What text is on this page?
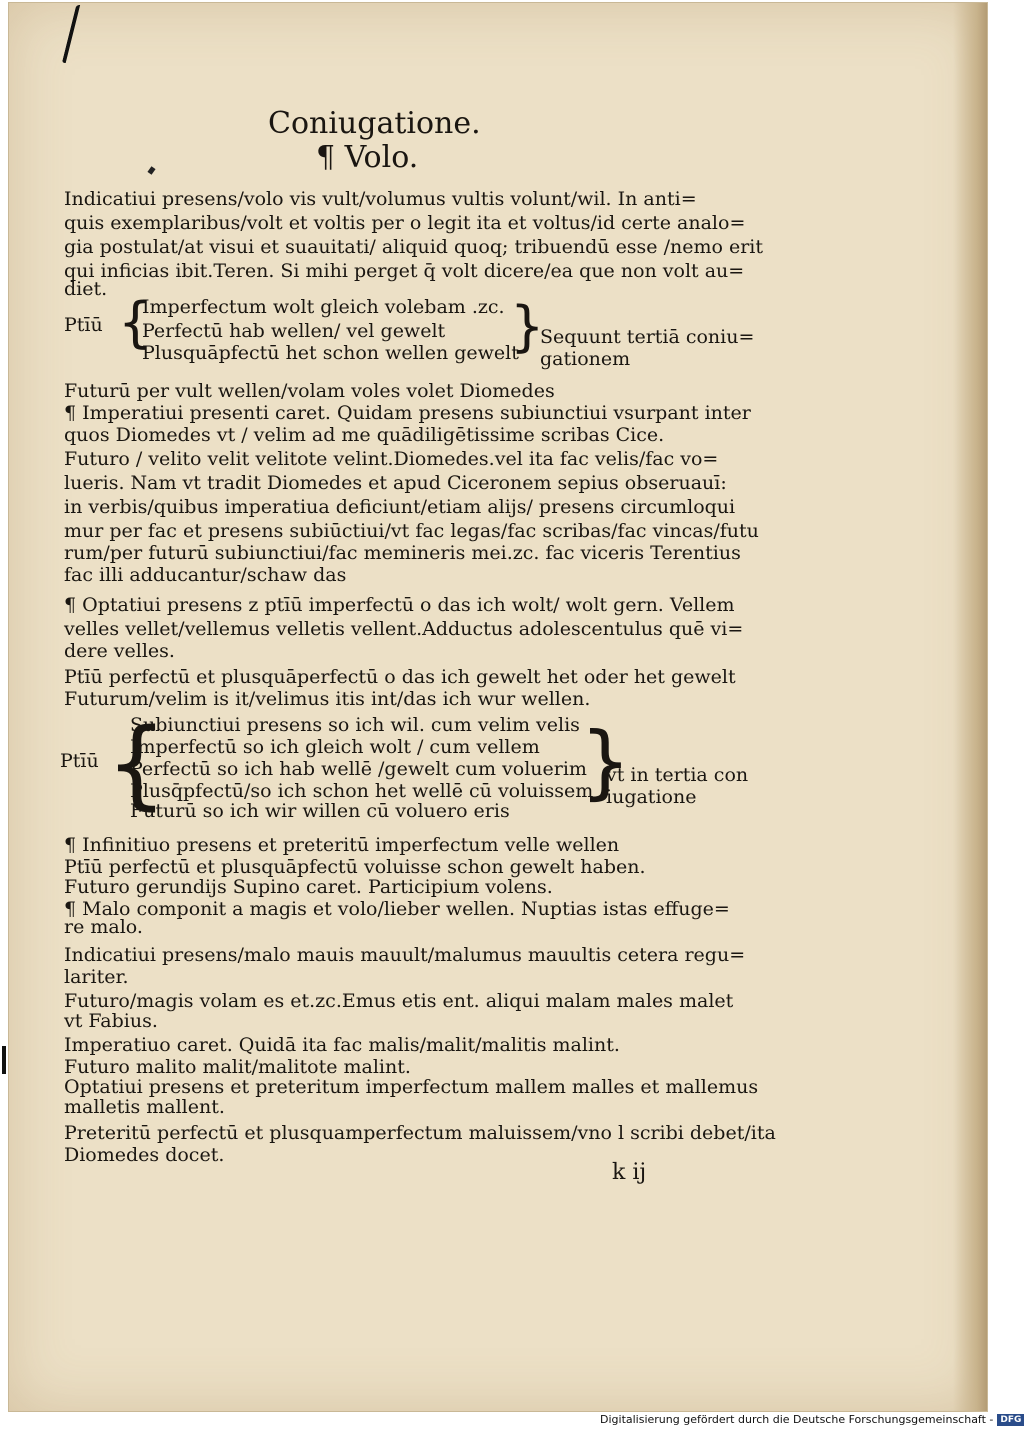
Coniugatione.
¶ Volo.
Indicatiui presens/volo vis vult/volumus vultis volunt/wil. In anti=
quis exemplaribus/volt et voltis per o legit ita et voltus/id certe analo=
gia postulat/at visui et suauitati/ aliquid quoq; tribuendū esse /nemo erit
qui inficias ibit.Teren. Si mihi perget q̄ volt dicere/ea que non volt au=
diet.
Ptīū {
Imperfectum wolt gleich volebam .zc.
Perfectū hab wellen/ vel gewelt
Plusquāpfectū het schon wellen gewelt
}
Sequunt tertiā coniu=
gationem
Futurū per vult wellen/volam voles volet Diomedes
¶ Imperatiui presenti caret. Quidam presens subiunctiui vsurpant inter
quos Diomedes vt / velim ad me quādiligētissime scribas Cice.
Futuro / velito velit velitote velint.Diomedes.vel ita fac velis/fac vo=
lueris. Nam vt tradit Diomedes et apud Ciceronem sepius obseruauī:
in verbis/quibus imperatiua deficiunt/etiam alijs/ presens circumloqui
mur per fac et presens subiūctiui/vt fac legas/fac scribas/fac vincas/futu
rum/per futurū subiunctiui/fac memineris mei.zc. fac viceris Terentius
fac illi adducantur/schaw das
¶ Optatiui presens z ptīū imperfectū o das ich wolt/ wolt gern. Vellem
velles vellet/vellemus velletis vellent.Adductus adolescentulus quē vi=
dere velles.
Ptīū perfectū et plusquāperfectū o das ich gewelt het oder het gewelt
Futurum/velim is it/velimus itis int/das ich wur wellen.
Ptīū {
Subiunctiui presens so ich wil. cum velim velis
Imperfectū so ich gleich wolt / cum vellem
Perfectū so ich hab wellē /gewelt cum voluerim
Plusq̄pfectū/so ich schon het wellē cū voluissem
Futurū so ich wir willen cū voluero eris
}
vt in tertia con
iugatione
¶ Infinitiuo presens et preteritū imperfectum velle wellen
Ptīū perfectū et plusquāpfectū voluisse schon gewelt haben.
Futuro gerundijs Supino caret. Participium volens.
¶ Malo componit a magis et volo/lieber wellen. Nuptias istas effuge=
re malo.
Indicatiui presens/malo mauis mauult/malumus mauultis cetera regu=
lariter.
Futuro/magis volam es et.zc.Emus etis ent. aliqui malam males malet
vt Fabius.
Imperatiuo caret. Quidā ita fac malis/malit/malitis malint.
Futuro malito malit/malitote malint.
Optatiui presens et preteritum imperfectum mallem malles et mallemus
malletis mallent.
Preteritū perfectū et plusquamperfectum maluissem/vno l scribi debet/ita
Diomedes docet.
k ij
Digitalisierung gefördert durch die Deutsche Forschungsgemeinschaft - DFG
